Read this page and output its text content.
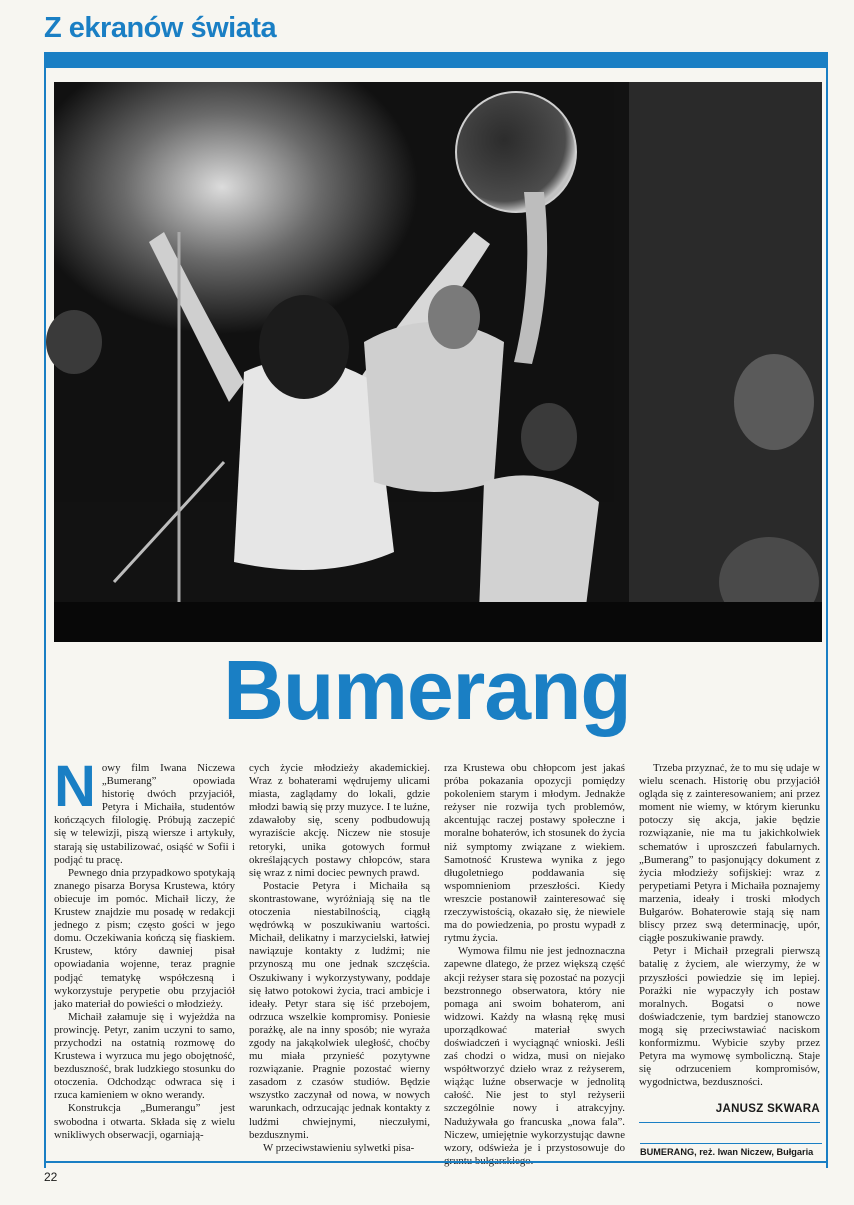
Z ekranów świata
Bumerang

Nowy film Iwana Niczewa „Bumerang” opowiada historię dwóch przyjaciół, Petyra i Michaiła, studentów kończących filologię. Próbują zaczepić się w telewizji, piszą wiersze i artykuły, starają się ustabilizować, osiąść w Sofii i podjąć tu pracę.

Pewnego dnia przypadkowo spotykają znanego pisarza Borysa Krustewa, który obiecuje im pomóc. Michaił liczy, że Krustew znajdzie mu posadę w redakcji jednego z pism; często gości w jego domu. Oczekiwania kończą się fiaskiem. Krustew, który dawniej pisał opowiadania wojenne, teraz pragnie podjąć tematykę współczesną i wykorzystuje perypetie obu przyjaciół jako materiał do powieści o młodzieży.

Michaił załamuje się i wyjeżdża na prowincję. Petyr, zanim uczyni to samo, przychodzi na ostatnią rozmowę do Krustewa i wyrzuca mu jego obojętność, bezduszność, brak ludzkiego stosunku do otoczenia. Odchodząc odwraca się i rzuca kamieniem w okno werandy.

Konstrukcja „Bumerangu” jest swobodna i otwarta. Składa się z wielu wnikliwych obserwacji, ogarniają-

cych życie młodzieży akademickiej. Wraz z bohaterami wędrujemy ulicami miasta, zaglądamy do lokali, gdzie młodzi bawią się przy muzyce. I te luźne, zdawałoby się, sceny podbudowują wyraziście akcję. Niczew nie stosuje retoryki, unika gotowych formuł określających postawy chłopców, stara się wraz z nimi dociec pewnych prawd.

Postacie Petyra i Michaiła są skontrastowane, wyróżniają się na tle otoczenia niestabilnością, ciągłą wędrówką w poszukiwaniu wartości. Michaił, delikatny i marzycielski, łatwiej nawiązuje kontakty z ludźmi; nie przynoszą mu one jednak szczęścia. Oszukiwany i wykorzystywany, poddaje się łatwo potokowi życia, traci ambicje i ideały. Petyr stara się iść przebojem, odrzuca wszelkie kompromisy. Poniesie porażkę, ale na inny sposób; nie wyraża zgody na jakąkolwiek uległość, choćby mu miała przynieść pozytywne rozwiązanie. Pragnie pozostać wierny zasadom z czasów studiów. Będzie wszystko zaczynał od nowa, w nowych warunkach, odrzucając jednak kontakty z ludźmi chwiejnymi, nieczułymi, bezdusznymi.

W przeciwstawieniu sylwetki pisa-

rza Krustewa obu chłopcom jest jakaś próba pokazania opozycji pomiędzy pokoleniem starym i młodym. Jednakże reżyser nie rozwija tych problemów, akcentując raczej postawy społeczne i moralne bohaterów, ich stosunek do życia niż symptomy związane z wiekiem. Samotność Krustewa wynika z jego długoletniego poddawania się wspomnieniom przeszłości. Kiedy wreszcie postanowił zainteresować się rzeczywistością, okazało się, że niewiele ma do powiedzenia, po prostu wypadł z rytmu życia.

Wymowa filmu nie jest jednoznaczna zapewne dlatego, że przez większą część akcji reżyser stara się pozostać na pozycji bezstronnego obserwatora, który nie pomaga ani swoim bohaterom, ani widzowi. Każdy na własną rękę musi uporządkować materiał swych doświadczeń i wyciągnąć wnioski. Jeśli zaś chodzi o widza, musi on niejako współtworzyć dzieło wraz z reżyserem, wiążąc luźne obserwacje w jednolitą całość. Nie jest to styl reżyserii szczególnie nowy i atrakcyjny. Nadużywała go francuska „nowa fala”. Niczew, umiejętnie wykorzystując dawne wzory, odświeża je i przystosowuje do gruntu bułgarskiego.

Trzeba przyznać, że to mu się udaje w wielu scenach. Historię obu przyjaciół ogląda się z zainteresowaniem; ani przez moment nie wiemy, w którym kierunku potoczy się akcja, jakie będzie rozwiązanie, nie ma tu jakichkolwiek schematów i uproszczeń fabularnych. „Bumerang” to pasjonujący dokument z życia młodzieży sofijskiej: wraz z perypetiami Petyra i Michaiła poznajemy marzenia, ideały i troski młodych Bułgarów. Bohaterowie stają się nam bliscy przez swą determinację, upór, ciągłe poszukiwanie prawdy.

Petyr i Michaił przegrali pierwszą batalię z życiem, ale wierzymy, że w przyszłości powiedzie się im lepiej. Porażki nie wypaczyły ich postaw moralnych. Bogatsi o nowe doświadczenie, tym bardziej stanowczo mogą się przeciwstawiać naciskom konformizmu. Wybicie szyby przez Petyra ma wymowę symboliczną. Staje się odrzuceniem kompromisów, wygodnictwa, bezduszności.

JANUSZ SKWARA
BUMERANG, reż. Iwan Niczew, Bułgaria
22
